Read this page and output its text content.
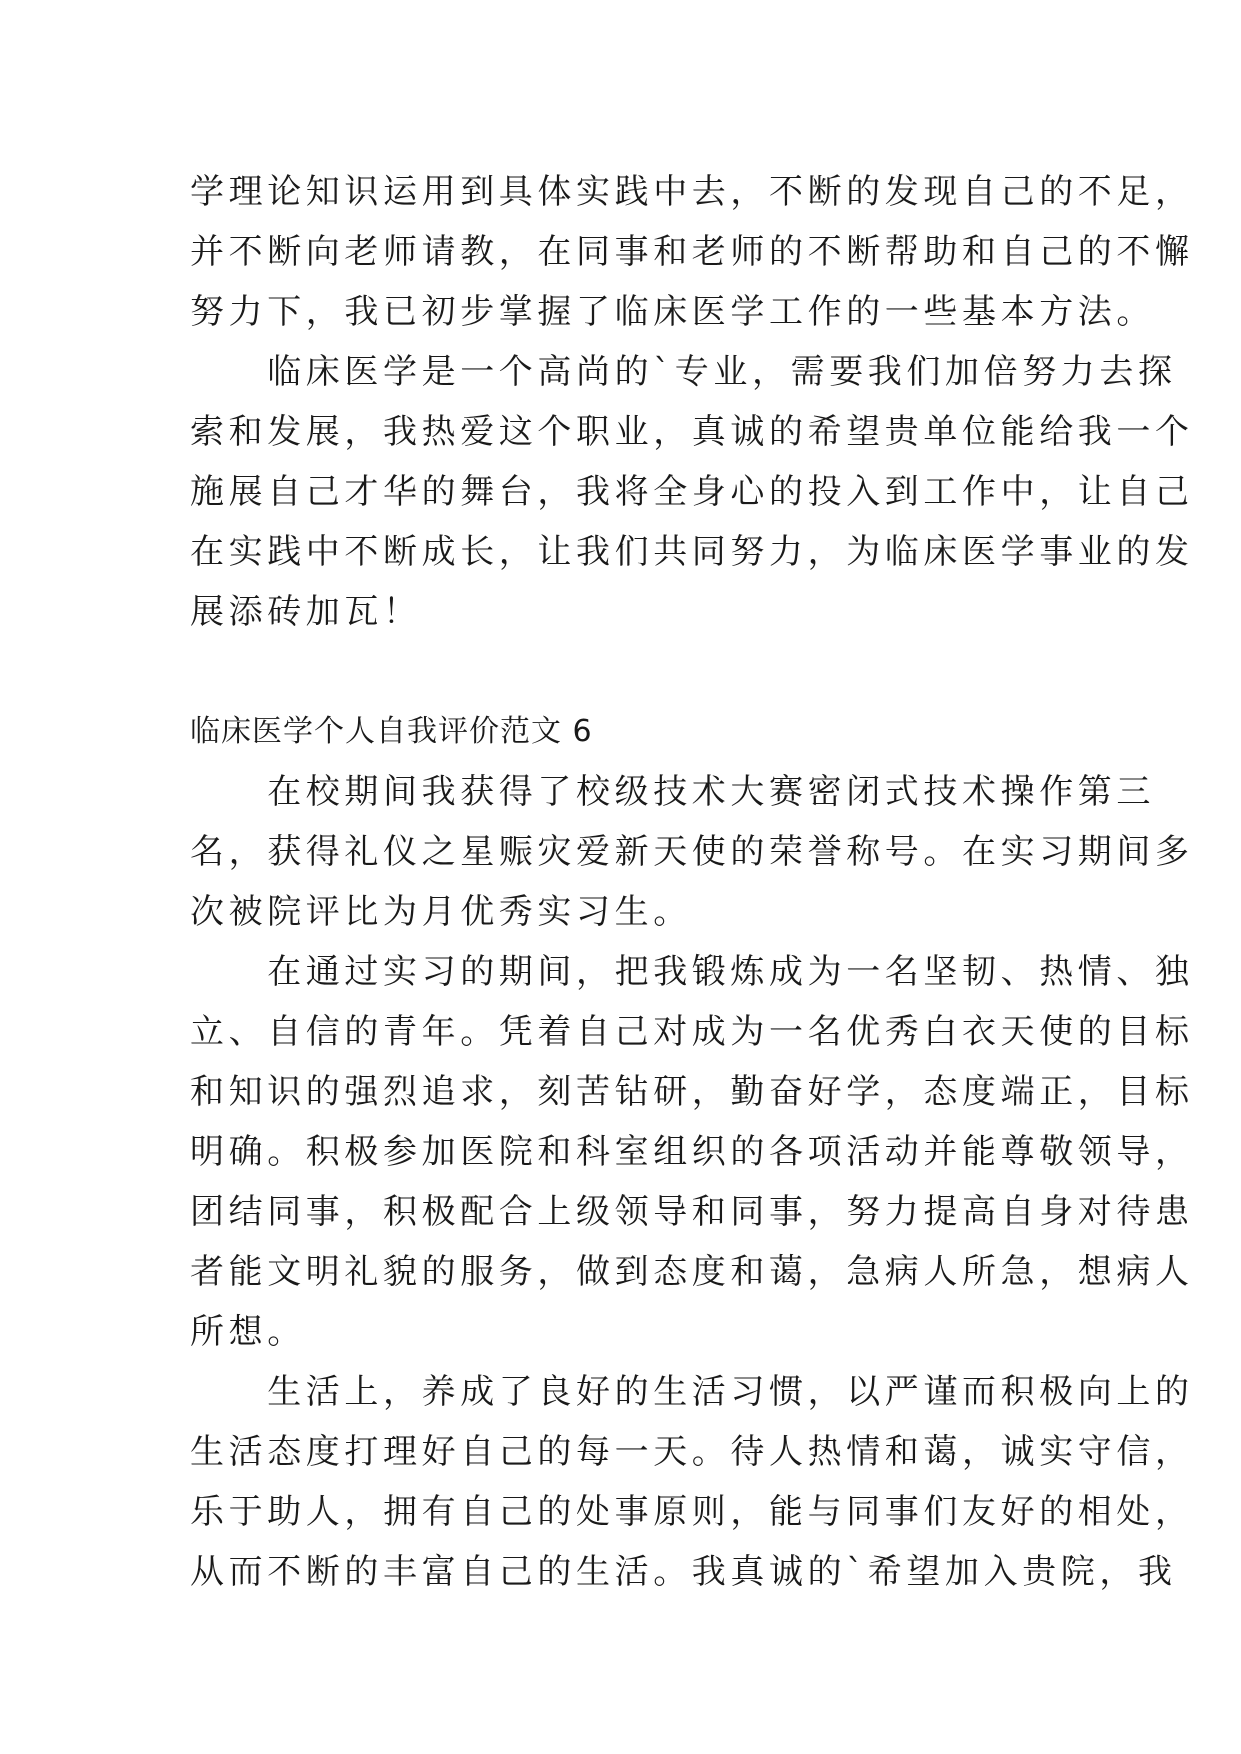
学理论知识运用到具体实践中去，不断的发现自己的不足，
并不断向老师请教，在同事和老师的不断帮助和自己的不懈
努力下，我已初步掌握了临床医学工作的一些基本方法。
　　临床医学是一个高尚的`专业，需要我们加倍努力去探
索和发展，我热爱这个职业，真诚的希望贵单位能给我一个
施展自己才华的舞台，我将全身心的投入到工作中，让自己
在实践中不断成长，让我们共同努力，为临床医学事业的发
展添砖加瓦！
临床医学个人自我评价范文 6
　　在校期间我获得了校级技术大赛密闭式技术操作第三
名，获得礼仪之星赈灾爱新天使的荣誉称号。在实习期间多
次被院评比为月优秀实习生。
　　在通过实习的期间，把我锻炼成为一名坚韧、热情、独
立、自信的青年。凭着自己对成为一名优秀白衣天使的目标
和知识的强烈追求，刻苦钻研，勤奋好学，态度端正，目标
明确。积极参加医院和科室组织的各项活动并能尊敬领导，
团结同事，积极配合上级领导和同事，努力提高自身对待患
者能文明礼貌的服务，做到态度和蔼，急病人所急，想病人
所想。
　　生活上，养成了良好的生活习惯，以严谨而积极向上的
生活态度打理好自己的每一天。待人热情和蔼，诚实守信，
乐于助人，拥有自己的处事原则，能与同事们友好的相处，
从而不断的丰富自己的生活。我真诚的`希望加入贵院，我
